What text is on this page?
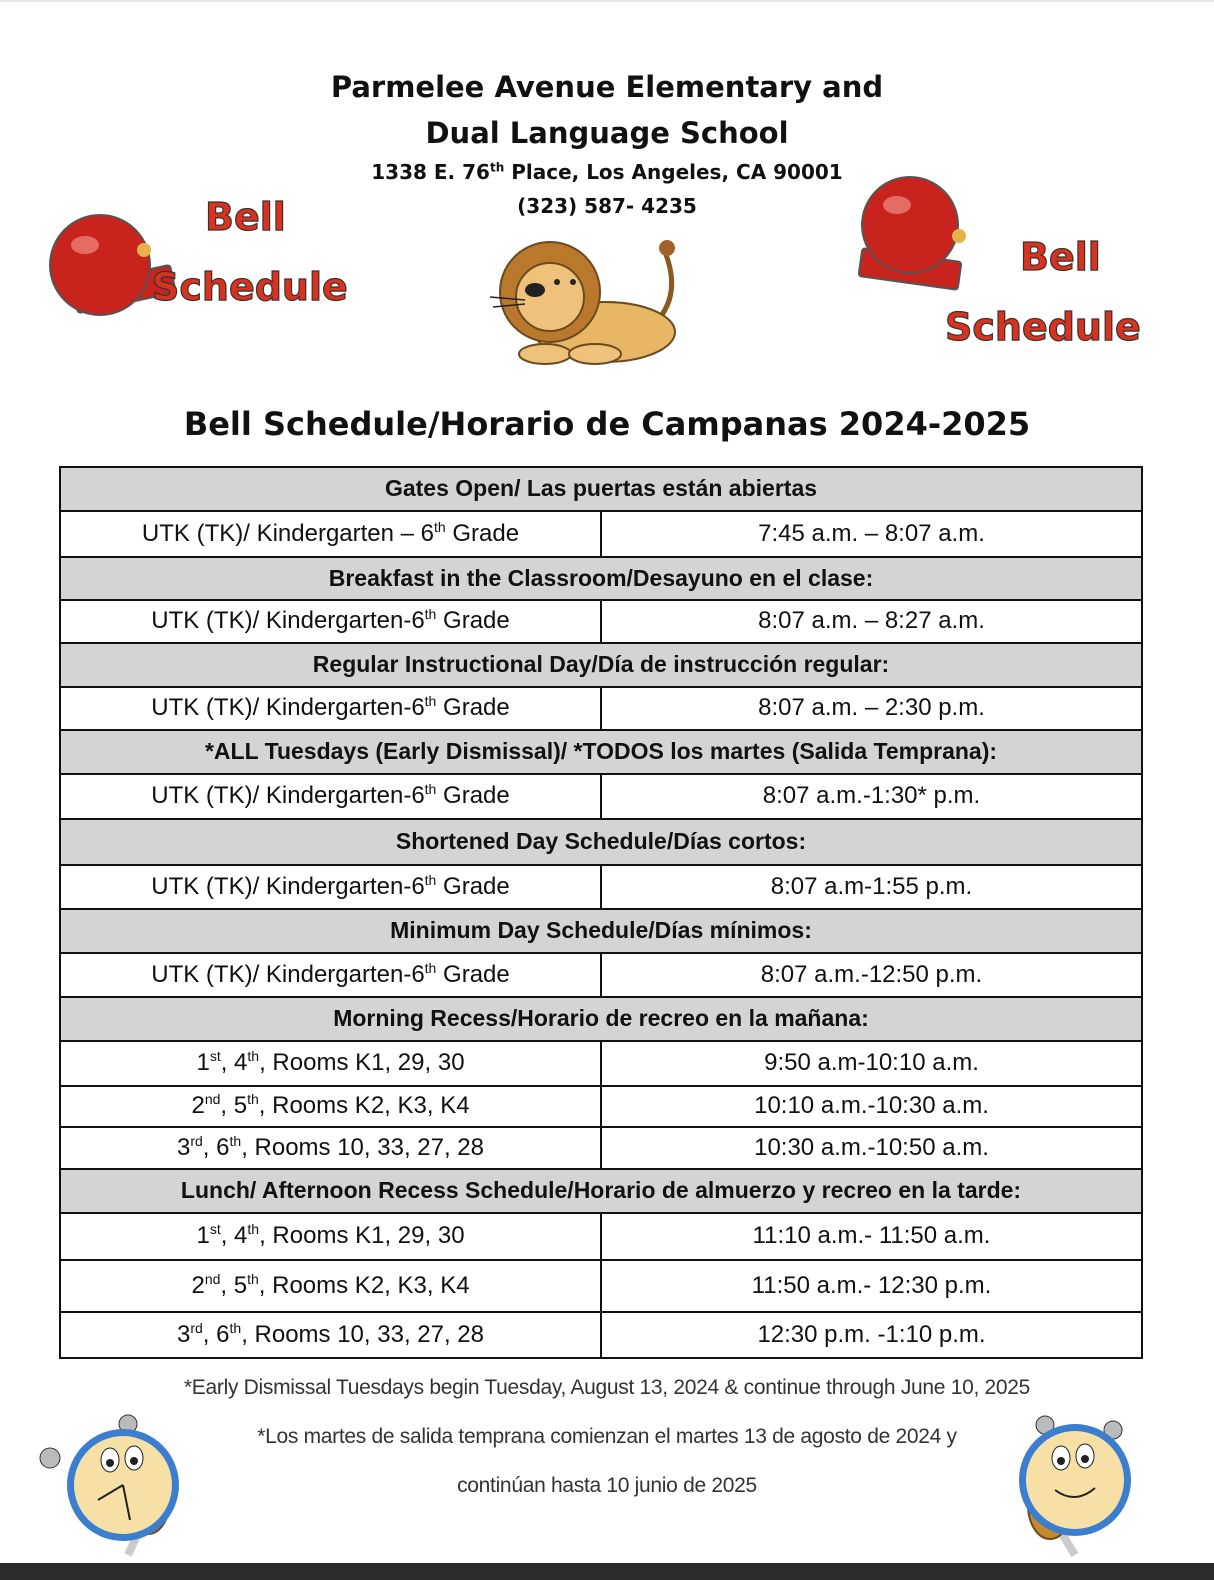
Parmelee Avenue Elementary and
Dual Language School
1338 E. 76th Place, Los Angeles, CA 90001
(323) 587- 4235
Bell
Schedule
Bell
Schedule
Bell Schedule/Horario de Campanas 2024-2025
Gates Open/ Las puertas están abiertas	
UTK (TK)/ Kindergarten – 6th Grade	7:45 a.m. – 8:07 a.m.
Breakfast in the Classroom/Desayuno en el clase:	
UTK (TK)/ Kindergarten-6th Grade	8:07 a.m. – 8:27 a.m.
Regular Instructional Day/Día de instrucción regular:	
UTK (TK)/ Kindergarten-6th Grade	8:07 a.m. – 2:30 p.m.
*ALL Tuesdays (Early Dismissal)/ *TODOS los martes (Salida Temprana):	
UTK (TK)/ Kindergarten-6th Grade	8:07 a.m.-1:30* p.m.
Shortened Day Schedule/Días cortos:	
UTK (TK)/ Kindergarten-6th Grade	8:07 a.m-1:55 p.m.
Minimum Day Schedule/Días mínimos:	
UTK (TK)/ Kindergarten-6th Grade	8:07 a.m.-12:50 p.m.
Morning Recess/Horario de recreo en la mañana:	
1st, 4th, Rooms K1, 29, 30	9:50 a.m-10:10 a.m.
2nd, 5th, Rooms K2, K3, K4	10:10 a.m.-10:30 a.m.
3rd, 6th, Rooms 10, 33, 27, 28	10:30 a.m.-10:50 a.m.
Lunch/ Afternoon Recess Schedule/Horario de almuerzo y recreo en la tarde:	
1st, 4th, Rooms K1, 29, 30	11:10 a.m.- 11:50 a.m.
2nd, 5th, Rooms K2, K3, K4	11:50 a.m.- 12:30 p.m.
3rd, 6th, Rooms 10, 33, 27, 28	12:30 p.m. -1:10 p.m.
*Early Dismissal Tuesdays begin Tuesday, August 13, 2024 & continue through June 10, 2025
*Los martes de salida temprana comienzan el martes 13 de agosto de 2024 y
continúan hasta 10 junio de 2025
